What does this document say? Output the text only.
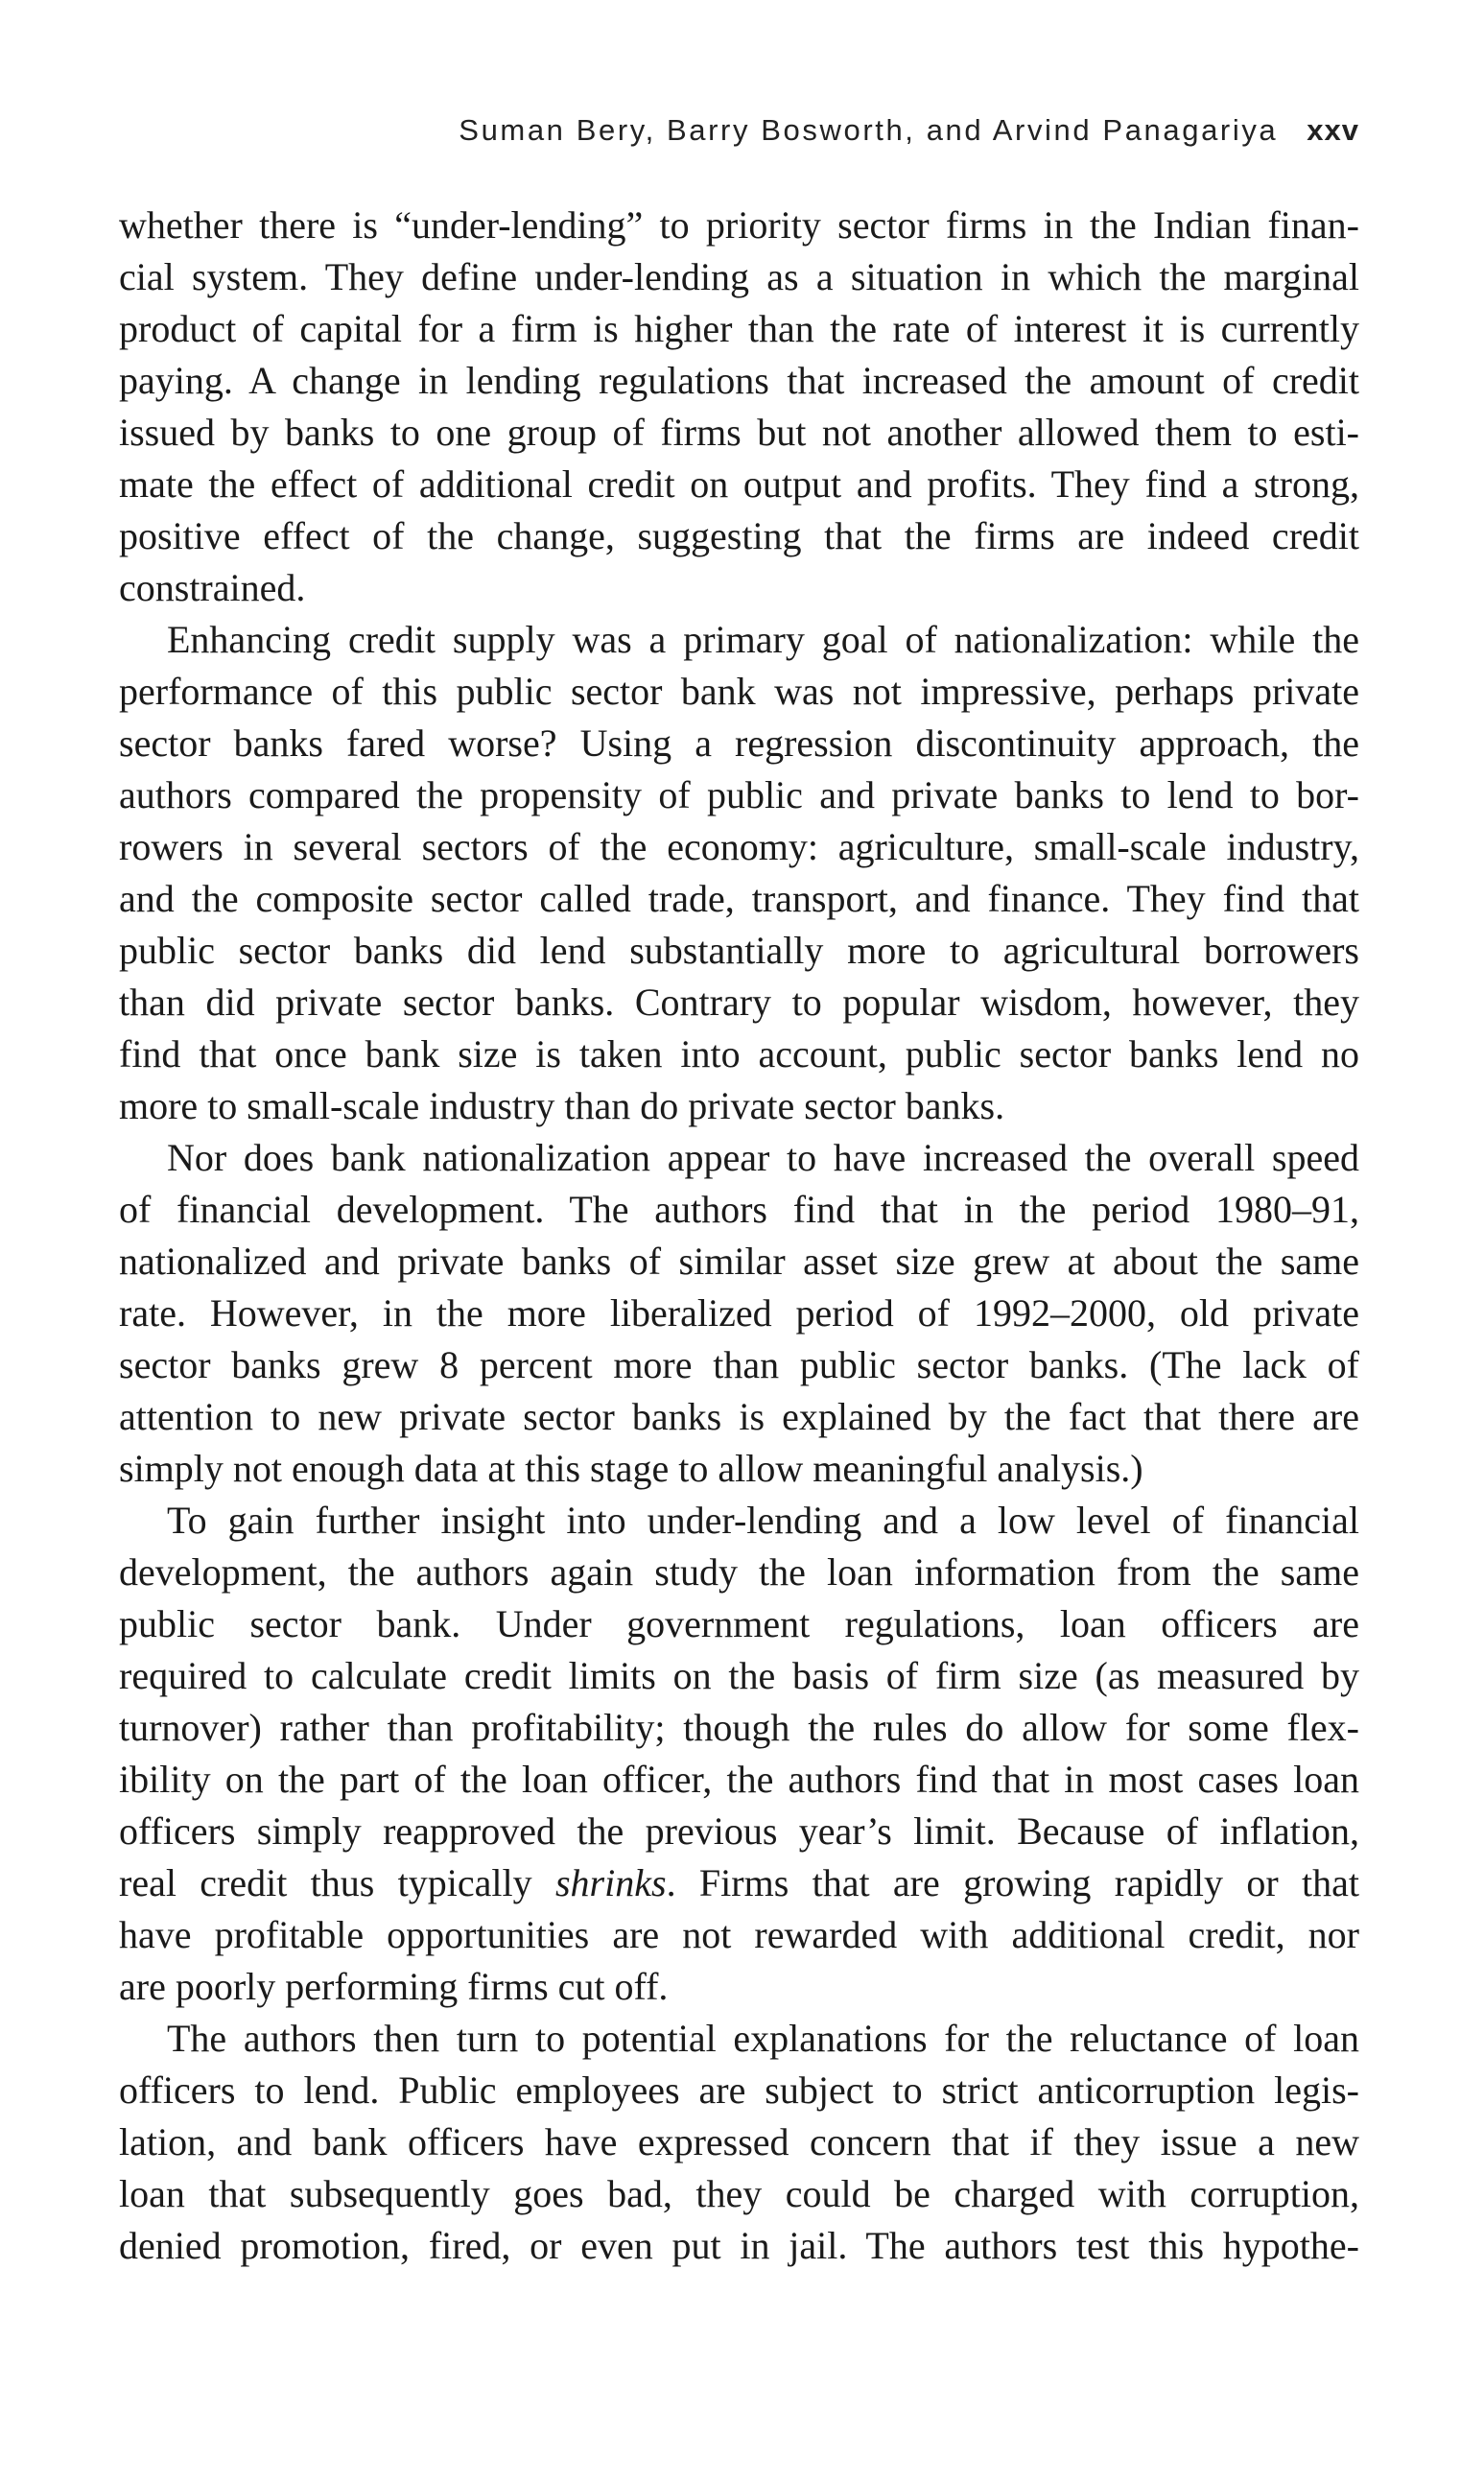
Suman Bery, Barry Bosworth, and Arvind Panagariya xxv
whether there is “under-lending” to priority sector firms in the Indian finan-
cial system. They define under-lending as a situation in which the marginal
product of capital for a firm is higher than the rate of interest it is currently
paying. A change in lending regulations that increased the amount of credit
issued by banks to one group of firms but not another allowed them to esti-
mate the effect of additional credit on output and profits. They find a strong,
positive effect of the change, suggesting that the firms are indeed credit
constrained.
Enhancing credit supply was a primary goal of nationalization: while the
performance of this public sector bank was not impressive, perhaps private
sector banks fared worse? Using a regression discontinuity approach, the
authors compared the propensity of public and private banks to lend to bor-
rowers in several sectors of the economy: agriculture, small-scale industry,
and the composite sector called trade, transport, and finance. They find that
public sector banks did lend substantially more to agricultural borrowers
than did private sector banks. Contrary to popular wisdom, however, they
find that once bank size is taken into account, public sector banks lend no
more to small-scale industry than do private sector banks.
Nor does bank nationalization appear to have increased the overall speed
of financial development. The authors find that in the period 1980–91,
nationalized and private banks of similar asset size grew at about the same
rate. However, in the more liberalized period of 1992–2000, old private
sector banks grew 8 percent more than public sector banks. (The lack of
attention to new private sector banks is explained by the fact that there are
simply not enough data at this stage to allow meaningful analysis.)
To gain further insight into under-lending and a low level of financial
development, the authors again study the loan information from the same
public sector bank. Under government regulations, loan officers are
required to calculate credit limits on the basis of firm size (as measured by
turnover) rather than profitability; though the rules do allow for some flex-
ibility on the part of the loan officer, the authors find that in most cases loan
officers simply reapproved the previous year’s limit. Because of inflation,
real credit thus typically shrinks. Firms that are growing rapidly or that
have profitable opportunities are not rewarded with additional credit, nor
are poorly performing firms cut off.
The authors then turn to potential explanations for the reluctance of loan
officers to lend. Public employees are subject to strict anticorruption legis-
lation, and bank officers have expressed concern that if they issue a new
loan that subsequently goes bad, they could be charged with corruption,
denied promotion, fired, or even put in jail. The authors test this hypothe-
